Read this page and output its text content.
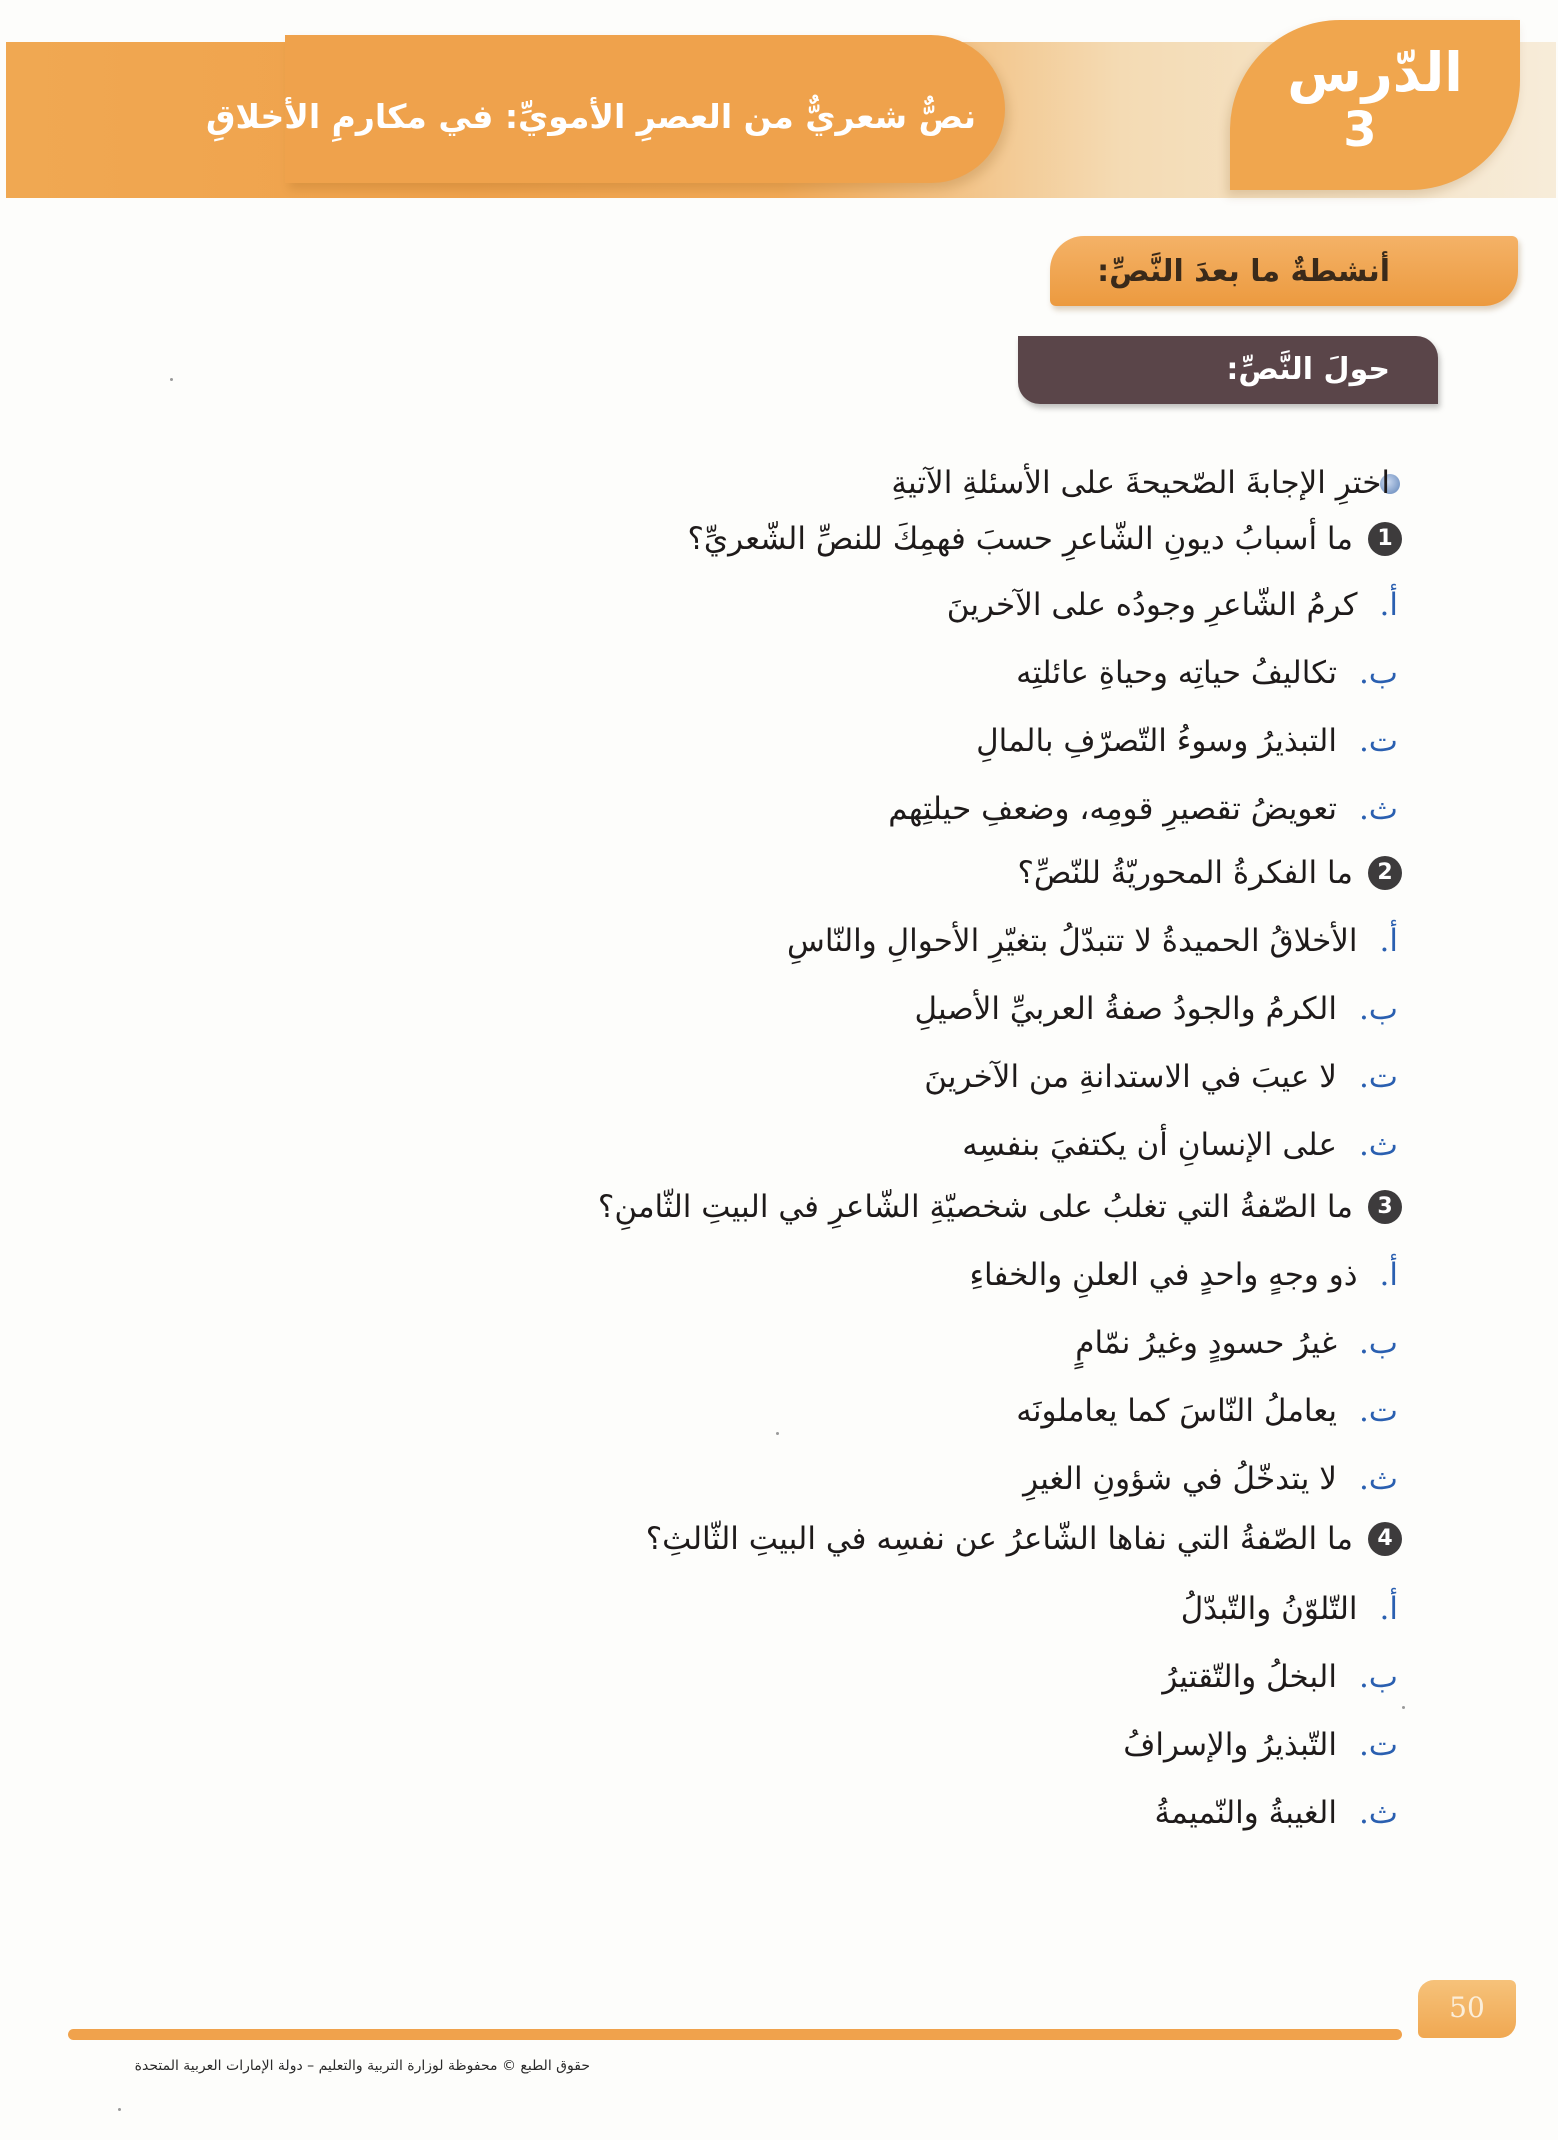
نصٌّ شعريٌّ من العصرِ الأمويِّ: في مكارمِ الأخلاقِ
الدّرس
3
أنشطةٌ ما بعدَ النَّصِّ:
حولَ النَّصِّ:
اخترِ الإجابةَ الصّحيحةَ على الأسئلةِ الآتيةِ
1
ما أسبابُ ديونِ الشّاعرِ حسبَ فهمِكَ للنصِّ الشّعريِّ؟
أ.كرمُ الشّاعرِ وجودُه على الآخرينَ
ب.تكاليفُ حياتِه وحياةِ عائلتِه
ت.التبذيرُ وسوءُ التّصرّفِ بالمالِ
ث.تعويضُ تقصيرِ قومِه، وضعفِ حيلتِهم
2
ما الفكرةُ المحوريّةُ للنّصِّ؟
أ.الأخلاقُ الحميدةُ لا تتبدّلُ بتغيّرِ الأحوالِ والنّاسِ
ب.الكرمُ والجودُ صفةُ العربيِّ الأصيلِ
ت.لا عيبَ في الاستدانةِ من الآخرينَ
ث.على الإنسانِ أن يكتفيَ بنفسِه
3
ما الصّفةُ التي تغلبُ على شخصيّةِ الشّاعرِ في البيتِ الثّامنِ؟
أ.ذو وجهٍ واحدٍ في العلنِ والخفاءِ
ب.غيرُ حسودٍ وغيرُ نمّامٍ
ت.يعاملُ النّاسَ كما يعاملونَه
ث.لا يتدخّلُ في شؤونِ الغيرِ
4
ما الصّفةُ التي نفاها الشّاعرُ عن نفسِه في البيتِ الثّالثِ؟
أ.التّلوّنُ والتّبدّلُ
ب.البخلُ والتّقتيرُ
ت.التّبذيرُ والإسرافُ
ث.الغيبةُ والنّميمةُ
50
حقوق الطبع © محفوظة لوزارة التربية والتعليم – دولة الإمارات العربية المتحدة
